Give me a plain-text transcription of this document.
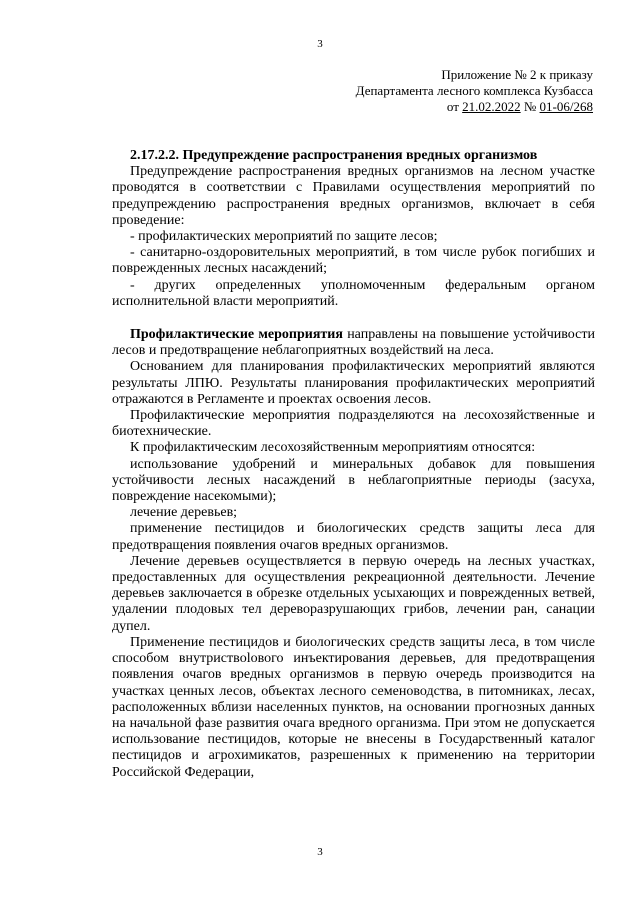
3
Приложение № 2 к приказу
Департамента лесного комплекса Кузбасса
от 21.02.2022 № 01-06/268

2.17.2.2. Предупреждение распространения вредных организмов

Предупреждение распространения вредных организмов на лесном участке проводятся в соответствии с Правилами осуществления мероприятий по предупреждению распространения вредных организмов, включает в себя проведение:

- профилактических мероприятий по защите лесов;

- санитарно-оздоровительных мероприятий, в том числе рубок погибших и поврежденных лесных насаждений;

- других определенных уполномоченным федеральным органом исполнительной власти мероприятий.

Профилактические мероприятия направлены на повышение устойчивости лесов и предотвращение неблагоприятных воздействий на леса.

Основанием для планирования профилактических мероприятий являются результаты ЛПЮ. Результаты планирования профилактических мероприятий отражаются в Регламенте и проектах освоения лесов.

Профилактические мероприятия подразделяются на лесохозяйственные и биотехнические.

К профилактическим лесохозяйственным мероприятиям относятся:

использование удобрений и минеральных добавок для повышения устойчивости лесных насаждений в неблагоприятные периоды (засуха, повреждение насекомыми);

лечение деревьев;

применение пестицидов и биологических средств защиты леса для предотвращения появления очагов вредных организмов.

Лечение деревьев осуществляется в первую очередь на лесных участках, предоставленных для осуществления рекреационной деятельности. Лечение деревьев заключается в обрезке отдельных усыхающих и поврежденных ветвей, удалении плодовых тел дереворазрушающих грибов, лечении ран, санации дупел.

Применение пестицидов и биологических средств защиты леса, в том числе способом внутриствolового инъектирования деревьев, для предотвращения появления очагов вредных организмов в первую очередь производится на участках ценных лесов, объектах лесного семеноводства, в питомниках, лесах, расположенных вблизи населенных пунктов, на основании прогнозных данных на начальной фазе развития очага вредного организма. При этом не допускается использование пестицидов, которые не внесены в Государственный каталог пестицидов и агрохимикатов, разрешенных к применению на территории Российской Федерации,

3
